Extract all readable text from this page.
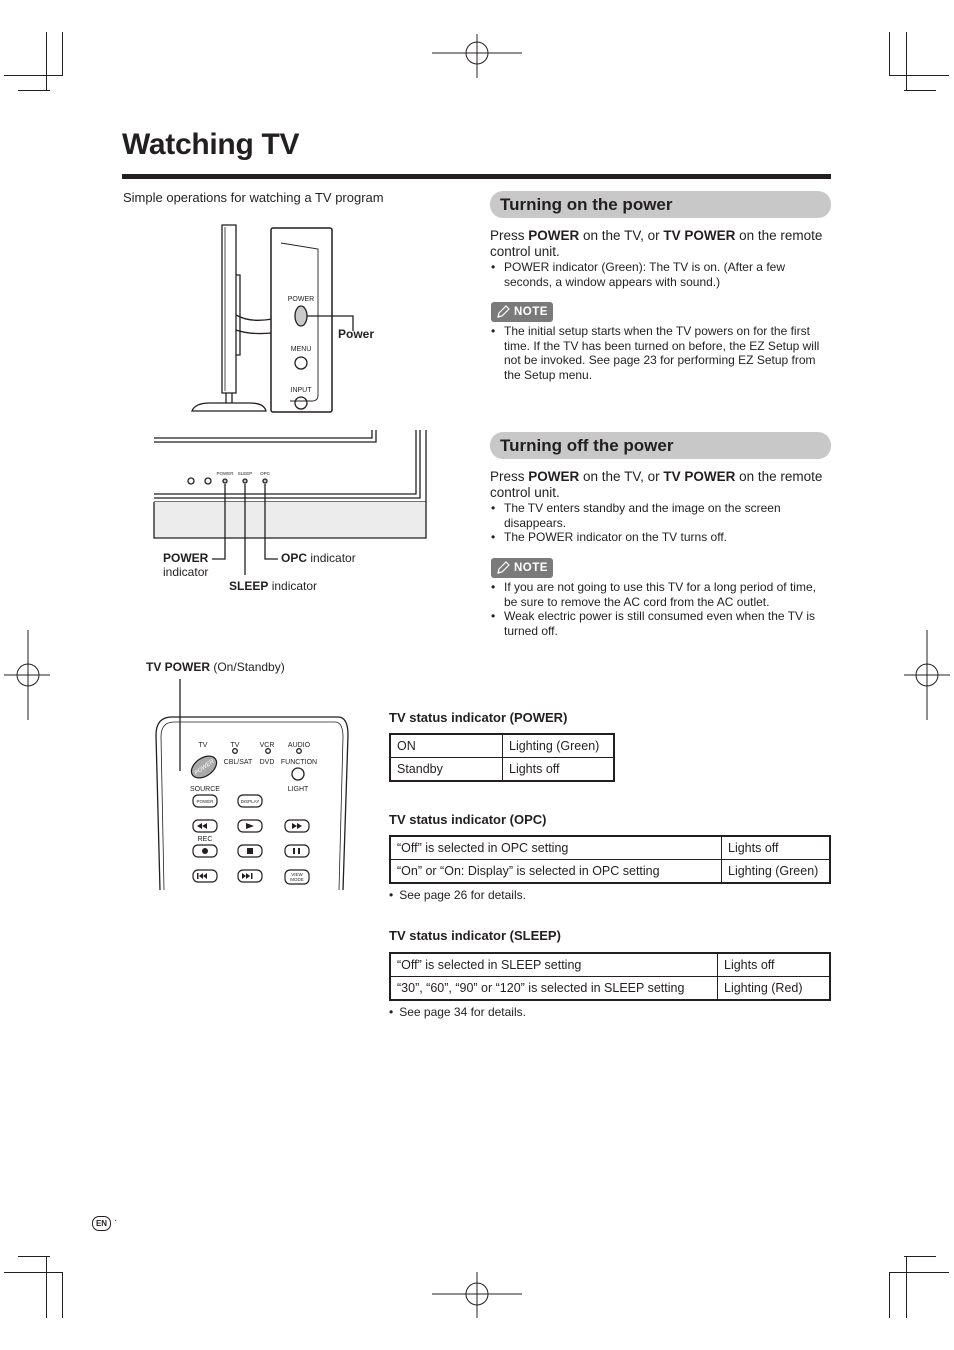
Watching TV
Simple operations for watching a TV program
POWER
MENU
INPUT
Power
POWER SLEEP OPC
POWER
indicator
OPC indicator
SLEEP indicator
TV POWER (On/Standby)
POWER
TV	TV	VCR AUDIO
CBL/SAT DVD FUNCTION
SOURCE	LIGHT
REC
POWER	DISPLAY
VIEW
MODE
Turning on the power
Press POWER on the TV, or TV POWER on the remote control unit.
• POWER indicator (Green): The TV is on. (After a few seconds, a window appears with sound.)
NOTE
• The initial setup starts when the TV powers on for the first time. If the TV has been turned on before, the EZ Setup will not be invoked. See page 23 for performing EZ Setup from the Setup menu.
Turning off the power
Press POWER on the TV, or TV POWER on the remote control unit.
• The TV enters standby and the image on the screen disappears.
• The POWER indicator on the TV turns off.
NOTE
• If you are not going to use this TV for a long period of time, be sure to remove the AC cord from the AC outlet.
• Weak electric power is still consumed even when the TV is turned off.
TV status indicator (POWER)
ON	Lighting (Green)
Standby	Lights off
TV status indicator (OPC)
“Off” is selected in OPC setting	Lights off
“On” or “On: Display” is selected in OPC setting	Lighting (Green)
• See page 26 for details.
TV status indicator (SLEEP)
“Off” is selected in SLEEP setting	Lights off
“30”, “60”, “90” or “120” is selected in SLEEP setting	Lighting (Red)
• See page 34 for details.
EN ·
